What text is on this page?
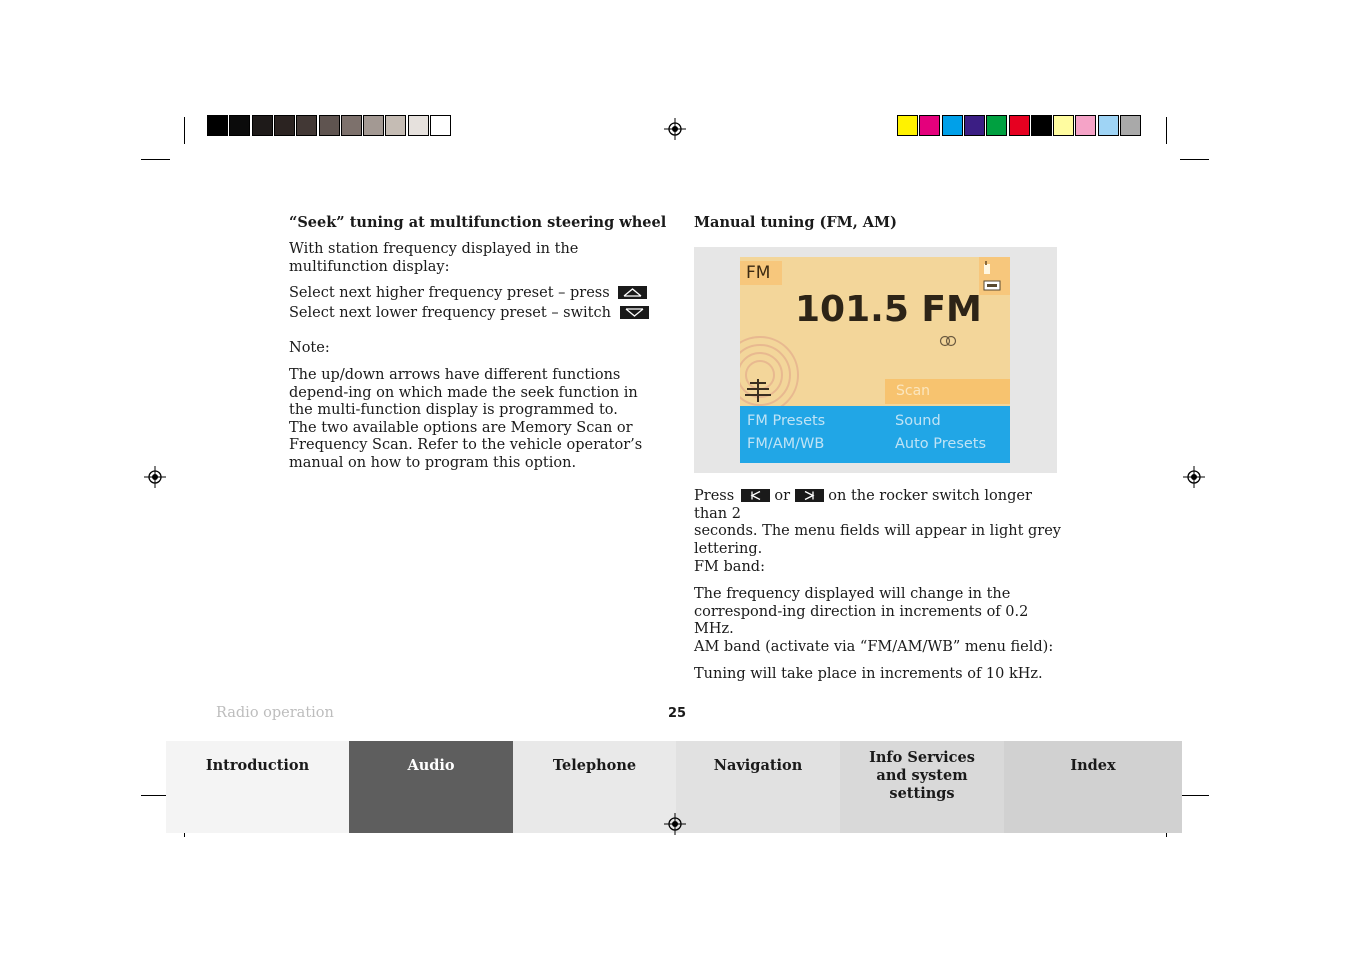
“Seek” tuning at multifunction steering wheel
With station frequency displayed in the multifunction display:

Select next higher frequency preset – press

Select next lower frequency preset – switch

Note:
The up/down arrows have different functions depend-ing on which made the seek function in the multi-function display is programmed to. The two available options are Memory Scan or Frequency Scan. Refer to the vehicle operator’s manual on how to program this option.
Manual tuning (FM, AM)
FM
101.5 FM
Scan
FM Presets	Sound
FM/AM/WB	Auto Presets

Press	or	on the rocker switch longer than 2

seconds. The menu fields will appear in light grey

lettering.

FM band:
The frequency displayed will change in the correspond-ing direction in increments of 0.2 MHz.
AM band (activate via “FM/AM/WB” menu field):
Tuning will take place in increments of 10 kHz.
Radio operation	25
Introduction	Audio	Telephone	Navigation	Info Services and system settings
Index
